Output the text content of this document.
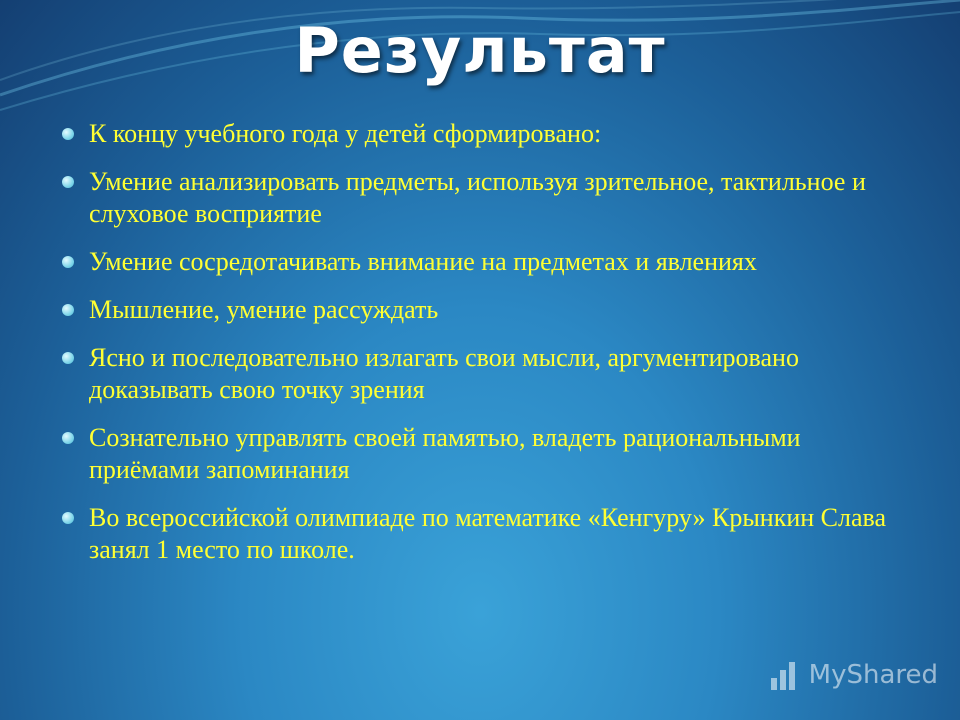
Результат
К концу учебного года у детей сформировано:
Умение анализировать предметы, используя зрительное, тактильное и слуховое восприятие
Умение сосредотачивать внимание на предметах и явлениях
Мышление, умение рассуждать
Ясно и последовательно излагать свои мысли, аргументировано доказывать свою точку зрения
Сознательно управлять своей памятью, владеть рациональными приёмами запоминания
Во всероссийской олимпиаде по математике «Кенгуру» Крынкин Слава занял 1 место по школе.
MyShared
